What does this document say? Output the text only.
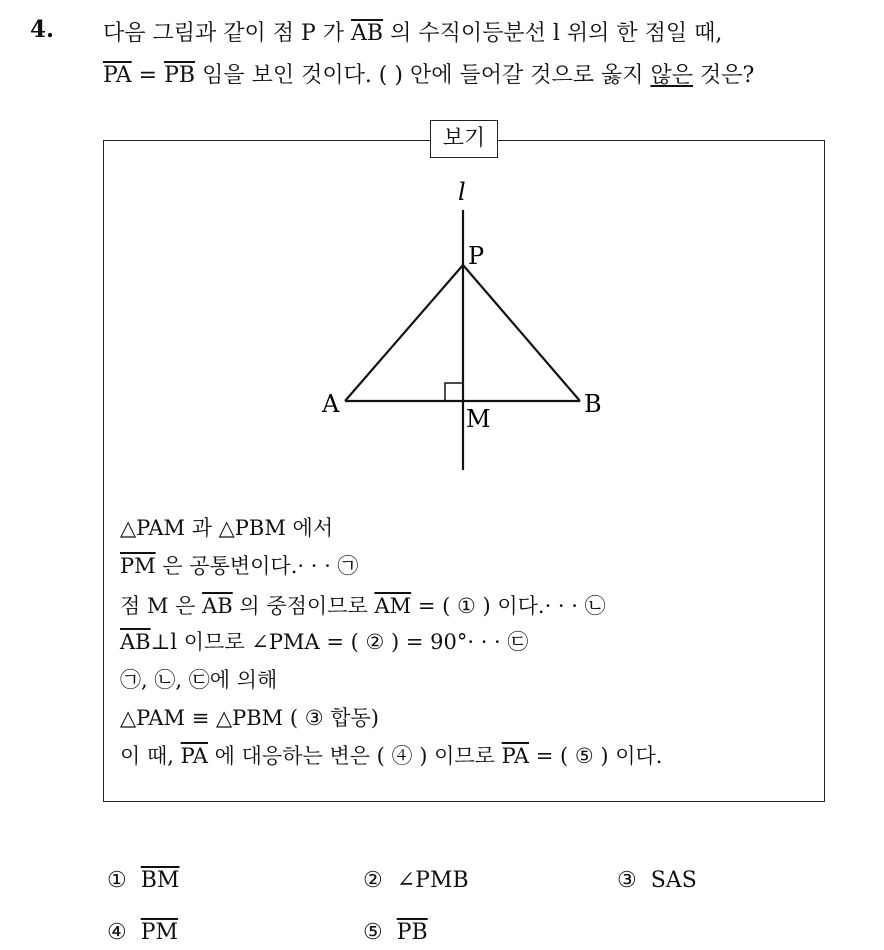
4. 다음 그림과 같이 점 P 가 $\overline{AB}$ 의 수직이등분선 l 위의 한 점일 때,
$\overline{PA} = \overline{PB}$ 임을 보인 것이다. ( ) 안에 들어갈 것으로 옳지 않은 것은?
보기
l
P
A	B
M
△PAM 과 △PBM 에서
$\overline{PM}$ 은 공통변이다.· · · ㉠
점 M 은 $\overline{AB}$ 의 중점이므로 $\overline{AM}$ = ( ① ) 이다.· · · ㉡
$\overline{AB}\perp l$ 이므로 ∠PMA = ( ② ) = 90°· · · ㉢
㉠, ㉡, ㉢에 의해
△PAM ≡ △PBM ( ③ 합동)
이 때, $\overline{PA}$ 에 대응하는 변은 ( ④ ) 이므로 $\overline{PA}$ = ( ⑤ ) 이다.
① $\overline{BM}$	② ∠PMB	③ SAS
④ $\overline{PM}$	⑤ $\overline{PB}$
